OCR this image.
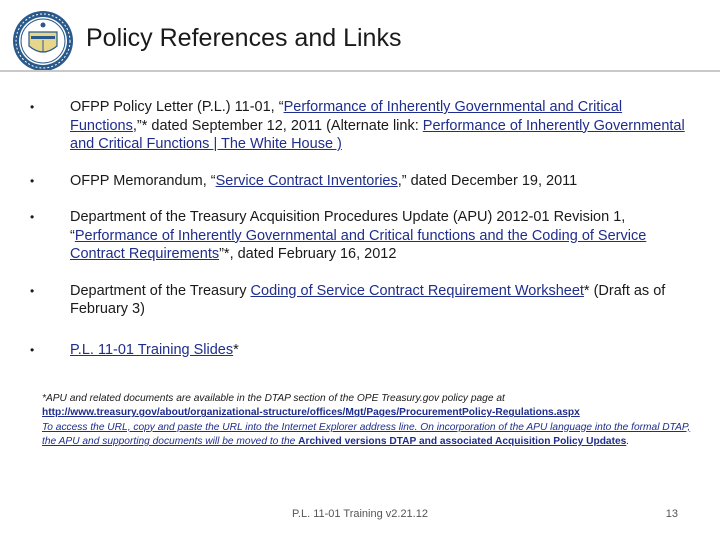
Policy References and Links
• OFPP Policy Letter (P.L.) 11-01, “Performance of Inherently Governmental and Critical Functions,”* dated September 12, 2011 (Alternate link: Performance of Inherently Governmental and Critical Functions | The White House )
• OFPP Memorandum, “Service Contract Inventories,” dated December 19, 2011
• Department of the Treasury Acquisition Procedures Update (APU) 2012-01 Revision 1, “Performance of Inherently Governmental and Critical functions and the Coding of Service Contract Requirements”*, dated February 16, 2012
• Department of the Treasury Coding of Service Contract Requirement Worksheet* (Draft as of February 3)
• P.L. 11-01 Training Slides*
*APU and related documents are available in the DTAP section of the OPE Treasury.gov policy page at
http://www.treasury.gov/about/organizational-structure/offices/Mgt/Pages/ProcurementPolicy-Regulations.aspx
To access the URL, copy and paste the URL into the Internet Explorer address line. On incorporation of the APU language into the formal DTAP, the APU and supporting documents will be moved to the Archived versions DTAP and associated Acquisition Policy Updates.
P.L. 11-01 Training v2.21.12	13
